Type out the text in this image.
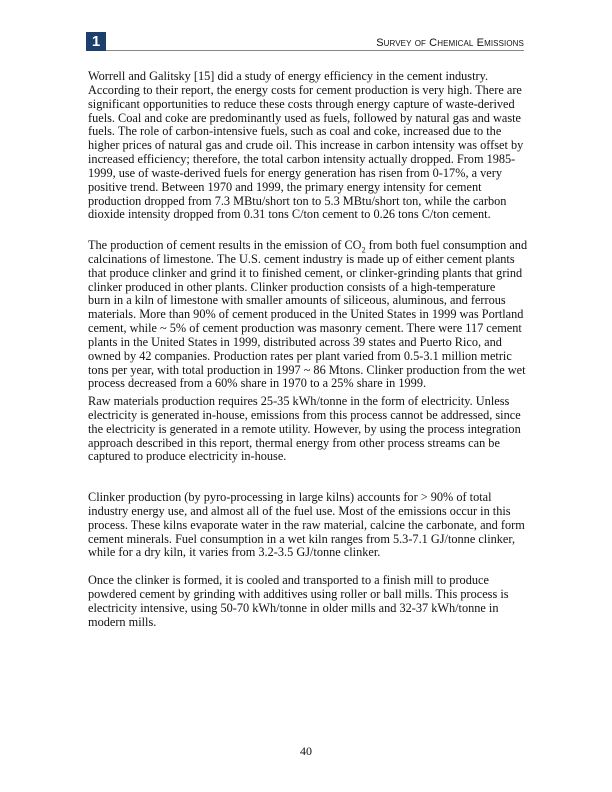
1	Survey of Chemical Emissions
Worrell and Galitsky [15] did a study of energy efficiency in the cement industry.
According to their report, the energy costs for cement production is very high. There are
significant opportunities to reduce these costs through energy capture of waste-derived
fuels. Coal and coke are predominantly used as fuels, followed by natural gas and waste
fuels. The role of carbon-intensive fuels, such as coal and coke, increased due to the
higher prices of natural gas and crude oil. This increase in carbon intensity was offset by
increased efficiency; therefore, the total carbon intensity actually dropped. From 1985-
1999, use of waste-derived fuels for energy generation has risen from 0-17%, a very
positive trend. Between 1970 and 1999, the primary energy intensity for cement
production dropped from 7.3 MBtu/short ton to 5.3 MBtu/short ton, while the carbon
dioxide intensity dropped from 0.31 tons C/ton cement to 0.26 tons C/ton cement.
The production of cement results in the emission of $CO_2$ from both fuel consumption and
calcinations of limestone. The U.S. cement industry is made up of either cement plants
that produce clinker and grind it to finished cement, or clinker-grinding plants that grind
clinker produced in other plants. Clinker production consists of a high-temperature
burn in a kiln of limestone with smaller amounts of siliceous, aluminous, and ferrous
materials. More than 90% of cement produced in the United States in 1999 was Portland
cement, while ~ 5% of cement production was masonry cement. There were 117 cement
plants in the United States in 1999, distributed across 39 states and Puerto Rico, and
owned by 42 companies. Production rates per plant varied from 0.5-3.1 million metric
tons per year, with total production in 1997 ~ 86 Mtons. Clinker production from the wet
process decreased from a 60% share in 1970 to a 25% share in 1999.
Raw materials production requires 25-35 kWh/tonne in the form of electricity. Unless
electricity is generated in-house, emissions from this process cannot be addressed, since
the electricity is generated in a remote utility. However, by using the process integration
approach described in this report, thermal energy from other process streams can be
captured to produce electricity in-house.
Clinker production (by pyro-processing in large kilns) accounts for > 90% of total
industry energy use, and almost all of the fuel use. Most of the emissions occur in this
process. These kilns evaporate water in the raw material, calcine the carbonate, and form
cement minerals. Fuel consumption in a wet kiln ranges from 5.3-7.1 GJ/tonne clinker,
while for a dry kiln, it varies from 3.2-3.5 GJ/tonne clinker.
Once the clinker is formed, it is cooled and transported to a finish mill to produce
powdered cement by grinding with additives using roller or ball mills. This process is
electricity intensive, using 50-70 kWh/tonne in older mills and 32-37 kWh/tonne in
modern mills.
40
